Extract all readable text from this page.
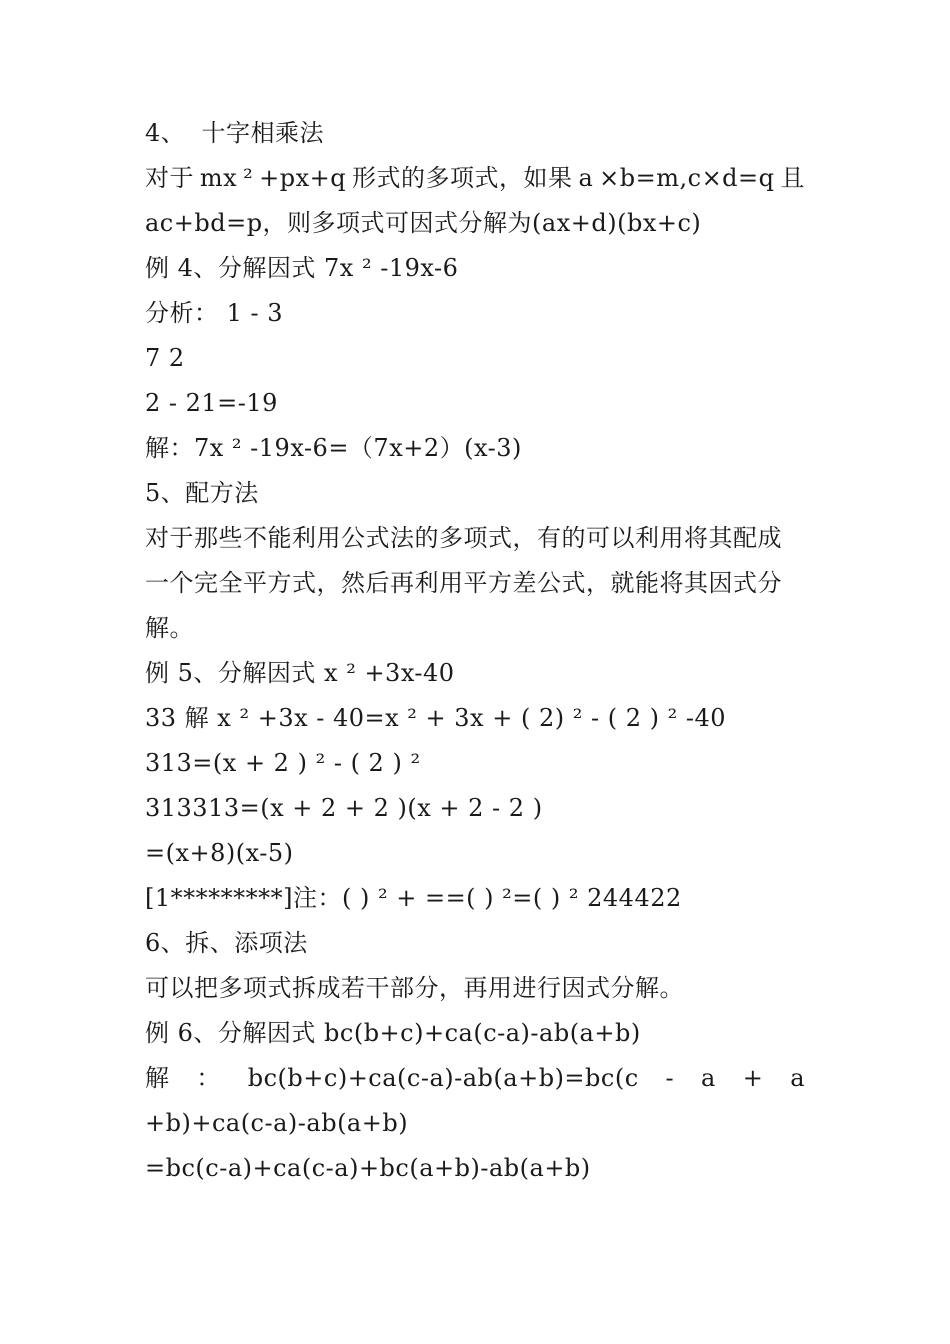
4、  十字相乘法
对于 mx ² +px+q 形式的多项式，如果 a ×b=m,c×d=q 且
ac+bd=p，则多项式可因式分解为(ax+d)(bx+c)
例 4、分解因式 7x ² -19x-6
分析： 1 - 3
7 2
2 - 21=-19
解：7x ² -19x-6=（7x+2）(x-3)
5、配方法
对于那些不能利用公式法的多项式，有的可以利用将其配成
一个完全平方式，然后再利用平方差公式，就能将其因式分
解。
例 5、分解因式 x ² +3x-40
33 解 x ² +3x - 40=x ² + 3x + ( 2) ² - ( 2 ) ² -40
313=(x + 2 ) ² - ( 2 ) ²
313313=(x + 2 + 2 )(x + 2 - 2 )
=(x+8)(x-5)
[1*********]注：( ) ² + ==( ) ²=( ) ² 244422
6、拆、添项法
可以把多项式拆成若干部分，再用进行因式分解。
例 6、分解因式 bc(b+c)+ca(c-a)-ab(a+b)
解 ： bc(b+c)+ca(c-a)-ab(a+b)=bc(c - a + a
+b)+ca(c-a)-ab(a+b)
=bc(c-a)+ca(c-a)+bc(a+b)-ab(a+b)
